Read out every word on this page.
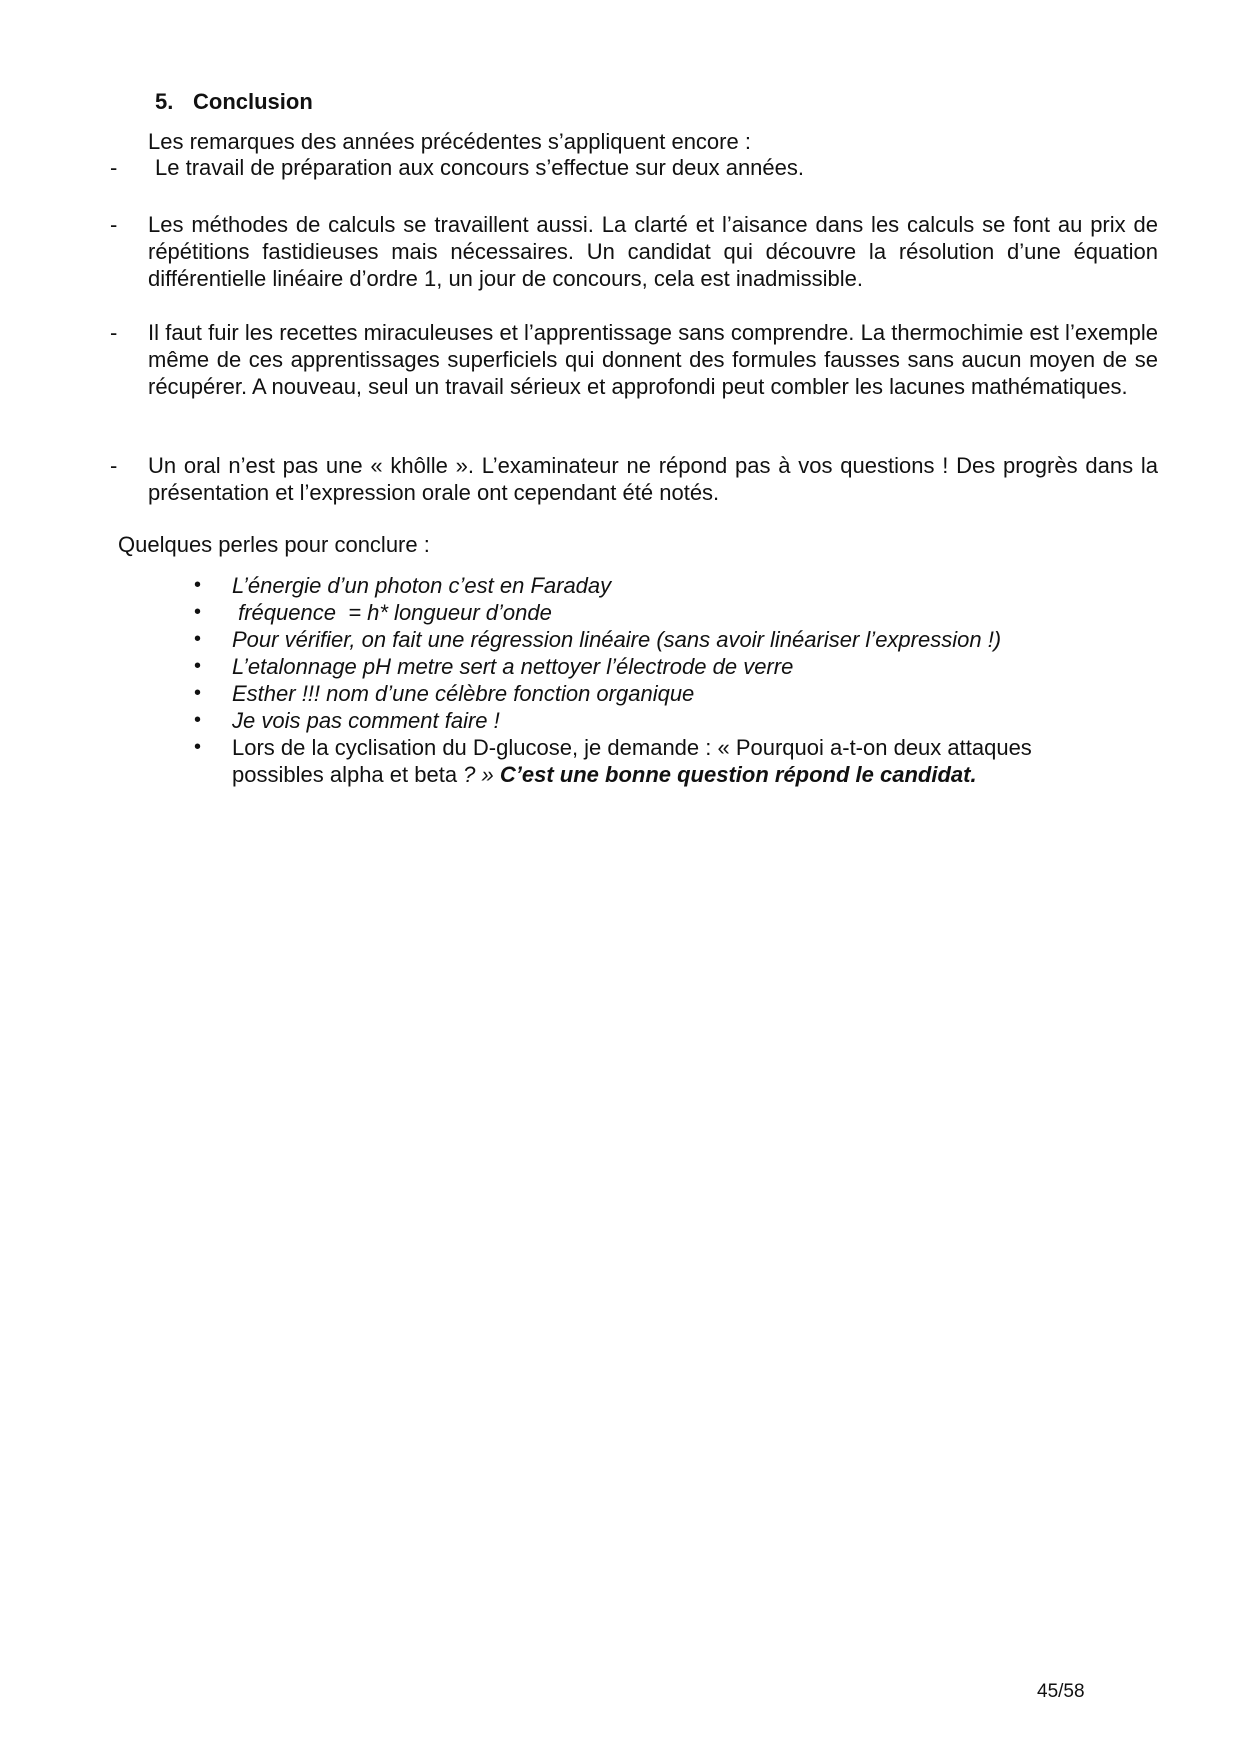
5. Conclusion
Les remarques des années précédentes s’appliquent encore :
- Le travail de préparation aux concours s’effectue sur deux années.
- Les méthodes de calculs se travaillent aussi. La clarté et l’aisance dans les calculs se font au prix de répétitions fastidieuses mais nécessaires. Un candidat qui découvre la résolution d’une équation différentielle linéaire d’ordre 1, un jour de concours, cela est inadmissible.
- Il faut fuir les recettes miraculeuses et l’apprentissage sans comprendre. La thermochimie est l’exemple même de ces apprentissages superficiels qui donnent des formules fausses sans aucun moyen de se récupérer. A nouveau, seul un travail sérieux et approfondi peut combler les lacunes mathématiques.
- Un oral n’est pas une « khôlle ». L’examinateur ne répond pas à vos questions ! Des progrès dans la présentation et l’expression orale ont cependant été notés.
Quelques perles pour conclure :
• L’énergie d’un photon c’est en Faraday
• fréquence  = h* longueur d’onde
• Pour vérifier, on fait une régression linéaire (sans avoir linéariser l’expression !)
• L’etalonnage pH metre sert a nettoyer l’électrode de verre
• Esther !!! nom d’une célèbre fonction organique
• Je vois pas comment faire !
• Lors de la cyclisation du D-glucose, je demande : « Pourquoi a-t-on deux attaques possibles alpha et beta ? » C’est une bonne question répond le candidat.
45/58
